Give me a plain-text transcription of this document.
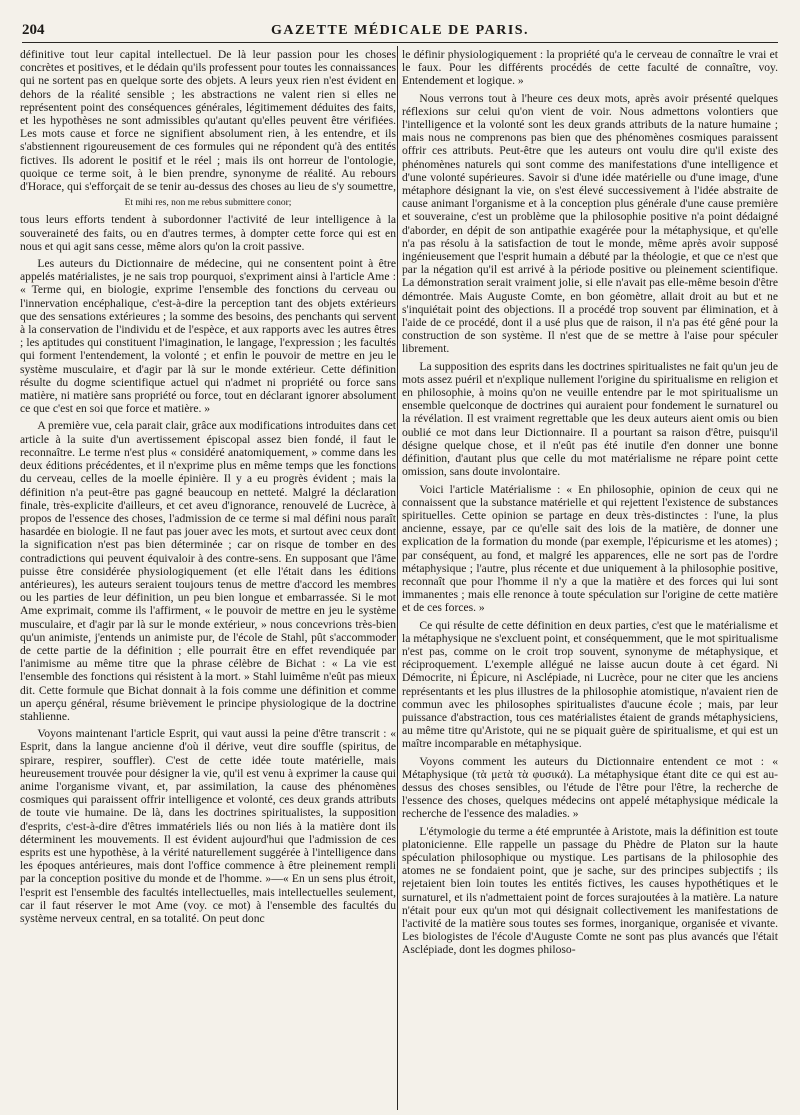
204	GAZETTE MÉDICALE DE PARIS.

définitive tout leur capital intellectuel. De là leur passion pour les choses concrètes et positives, et le dédain qu'ils professent pour toutes les connaissances qui ne sortent pas en quelque sorte des objets. A leurs yeux rien n'est évident en dehors de la réalité sensible ; les abstractions ne valent rien si elles ne représentent point des conséquences générales, légitimement déduites des faits, et les hypothèses ne sont admissibles qu'autant qu'elles peuvent être vérifiées. Les mots cause et force ne signifient absolument rien, à les entendre, et ils s'abstiennent rigoureusement de ces formules qui ne répondent qu'à des entités fictives. Ils adorent le positif et le réel ; mais ils ont horreur de l'ontologie, quoique ce terme soit, à le bien prendre, synonyme de réalité. Au rebours d'Horace, qui s'efforçait de se tenir au-dessus des choses au lieu de s'y soumettre,

Et mihi res, non me rebus submittere conor;

tous leurs efforts tendent à subordonner l'activité de leur intelligence à la souveraineté des faits, ou en d'autres termes, à dompter cette force qui est en nous et qui agit sans cesse, même alors qu'on la croit passive.

Les auteurs du Dictionnaire de médecine, qui ne consentent point à être appelés matérialistes, je ne sais trop pourquoi, s'expriment ainsi à l'article Ame : « Terme qui, en biologie, exprime l'ensemble des fonctions du cerveau ou l'innervation encéphalique, c'est-à-dire la perception tant des objets extérieurs que des sensations extérieures ; la somme des besoins, des penchants qui servent à la conservation de l'individu et de l'espèce, et aux rapports avec les autres êtres ; les aptitudes qui constituent l'imagination, le langage, l'expression ; les facultés qui forment l'entendement, la volonté ; et enfin le pouvoir de mettre en jeu le système musculaire, et d'agir par là sur le monde extérieur. Cette définition résulte du dogme scientifique actuel qui n'admet ni propriété ou force sans matière, ni matière sans propriété ou force, tout en déclarant ignorer absolument ce que c'est en soi que force et matière. »

A première vue, cela parait clair, grâce aux modifications introduites dans cet article à la suite d'un avertissement épiscopal assez bien fondé, il faut le reconnaître. Le terme n'est plus « considéré anatomiquement, » comme dans les deux éditions précédentes, et il n'exprime plus en même temps que les fonctions du cerveau, celles de la moelle épinière. Il y a eu progrès évident ; mais la définition n'a peut-être pas gagné beaucoup en netteté. Malgré la déclaration finale, très-explicite d'ailleurs, et cet aveu d'ignorance, renouvelé de Lucrèce, à propos de l'essence des choses, l'admission de ce terme si mal défini nous paraît hasardée en biologie. Il ne faut pas jouer avec les mots, et surtout avec ceux dont la signification n'est pas bien déterminée ; car on risque de tomber en des contradictions qui peuvent équivaloir à des contre-sens. En supposant que l'âme puisse être considérée physiologiquement (et elle l'était dans les éditions antérieures), les auteurs seraient toujours tenus de mettre d'accord les membres ou les parties de leur définition, un peu bien longue et embarrassée. Si le mot Ame exprimait, comme ils l'affirment, « le pouvoir de mettre en jeu le système musculaire, et d'agir par là sur le monde extérieur, » nous concevrions très-bien qu'un animiste, j'entends un animiste pur, de l'école de Stahl, pût s'accommoder de cette partie de la définition ; elle pourrait être en effet revendiquée par l'animisme au même titre que la phrase célèbre de Bichat : « La vie est l'ensemble des fonctions qui résistent à la mort. » Stahl luimême n'eût pas mieux dit. Cette formule que Bichat donnait à la fois comme une définition et comme un aperçu général, résume brièvement le principe physiologique de la doctrine stahlienne.

Voyons maintenant l'article Esprit, qui vaut aussi la peine d'être transcrit : « Esprit, dans la langue ancienne d'où il dérive, veut dire souffle (spiritus, de spirare, respirer, souffler). C'est de cette idée toute matérielle, mais heureusement trouvée pour désigner la vie, qu'il est venu à exprimer la cause qui anime l'organisme vivant, et, par assimilation, la cause des phénomènes cosmiques qui paraissent offrir intelligence et volonté, ces deux grands attributs de toute vie humaine. De là, dans les doctrines spiritualistes, la supposition d'esprits, c'est-à-dire d'êtres immatériels liés ou non liés à la matière dont ils déterminent les mouvements. Il est évident aujourd'hui que l'admission de ces esprits est une hypothèse, à la vérité naturellement suggérée à l'intelligence dans les époques antérieures, mais dont l'office commence à être pleinement rempli par la conception positive du monde et de l'homme. »—« En un sens plus étroit, l'esprit est l'ensemble des facultés intellectuelles, mais intellectuelles seulement, car il faut réserver le mot Ame (voy. ce mot) à l'ensemble des facultés du système nerveux central, en sa totalité. On peut donc

le définir physiologiquement : la propriété qu'a le cerveau de connaître le vrai et le faux. Pour les différents procédés de cette faculté de connaître, voy. Entendement et logique. »

Nous verrons tout à l'heure ces deux mots, après avoir présenté quelques réflexions sur celui qu'on vient de voir. Nous admettons volontiers que l'intelligence et la volonté sont les deux grands attributs de la nature humaine ; mais nous ne comprenons pas bien que des phénomènes cosmiques paraissent offrir ces attributs. Peut-être que les auteurs ont voulu dire qu'il existe des phénomènes naturels qui sont comme des manifestations d'une intelligence et d'une volonté supérieures. Savoir si d'une idée matérielle ou d'une image, d'une métaphore désignant la vie, on s'est élevé successivement à l'idée abstraite de cause animant l'organisme et à la conception plus générale d'une cause première et souveraine, c'est un problème que la philosophie positive n'a point dédaigné d'aborder, en dépit de son antipathie exagérée pour la métaphysique, et qu'elle n'a pas résolu à la satisfaction de tout le monde, même après avoir supposé ingénieusement que l'esprit humain a débuté par la théologie, et que ce n'est que par la négation qu'il est arrivé à la période positive ou pleinement scientifique. La démonstration serait vraiment jolie, si elle n'avait pas elle-même besoin d'être démontrée. Mais Auguste Comte, en bon géomètre, allait droit au but et ne s'inquiétait point des objections. Il a procédé trop souvent par élimination, et à l'aide de ce procédé, dont il a usé plus que de raison, il n'a pas été gêné pour la construction de son système. Il n'est que de se mettre à l'aise pour spéculer librement.

La supposition des esprits dans les doctrines spiritualistes ne fait qu'un jeu de mots assez puéril et n'explique nullement l'origine du spiritualisme en religion et en philosophie, à moins qu'on ne veuille entendre par le mot spiritualisme un ensemble quelconque de doctrines qui auraient pour fondement le surnaturel ou la révélation. Il est vraiment regrettable que les deux auteurs aient omis ou bien oublié ce mot dans leur Dictionnaire. Il a pourtant sa raison d'être, puisqu'il désigne quelque chose, et il n'eût pas été inutile d'en donner une bonne définition, d'autant plus que celle du mot matérialisme ne répare point cette omission, sans doute involontaire.

Voici l'article Matérialisme : « En philosophie, opinion de ceux qui ne connaissent que la substance matérielle et qui rejettent l'existence de substances spirituelles. Cette opinion se partage en deux très-distinctes : l'une, la plus ancienne, essaye, par ce qu'elle sait des lois de la matière, de donner une explication de la formation du monde (par exemple, l'épicurisme et les atomes) ; par conséquent, au fond, et malgré les apparences, elle ne sort pas de l'ordre métaphysique ; l'autre, plus récente et due uniquement à la philosophie positive, reconnaît que pour l'homme il n'y a que la matière et des forces qui lui sont immanentes ; mais elle renonce à toute spéculation sur l'origine de cette matière et de ces forces. »

Ce qui résulte de cette définition en deux parties, c'est que le matérialisme et la métaphysique ne s'excluent point, et conséquemment, que le mot spiritualisme n'est pas, comme on le croit trop souvent, synonyme de métaphysique, et réciproquement. L'exemple allégué ne laisse aucun doute à cet égard. Ni Démocrite, ni Épicure, ni Asclépiade, ni Lucrèce, pour ne citer que les anciens représentants et les plus illustres de la philosophie atomistique, n'avaient rien de commun avec les philosophes spiritualistes d'aucune école ; mais, par leur puissance d'abstraction, tous ces matérialistes étaient de grands métaphysiciens, au même titre qu'Aristote, qui ne se piquait guère de spiritualisme, et qui est un maître incomparable en métaphysique.

Voyons comment les auteurs du Dictionnaire entendent ce mot : « Métaphysique (τὰ μετὰ τὰ φυσικά). La métaphysique étant dite ce qui est au-dessus des choses sensibles, ou l'étude de l'être pour l'être, la recherche de l'essence des choses, quelques médecins ont appelé métaphysique médicale la recherche de l'essence des maladies. »

L'étymologie du terme a été empruntée à Aristote, mais la définition est toute platonicienne. Elle rappelle un passage du Phèdre de Platon sur la haute spéculation philosophique ou mystique. Les partisans de la philosophie des atomes ne se fondaient point, que je sache, sur des principes subjectifs ; ils rejetaient bien loin toutes les entités fictives, les causes hypothétiques et le surnaturel, et ils n'admettaient point de forces surajoutées à la matière. La nature n'était pour eux qu'un mot qui désignait collectivement les manifestations de l'activité de la matière sous toutes ses formes, inorganique, organisée et vivante. Les biologistes de l'école d'Auguste Comte ne sont pas plus avancés que l'était Asclépiade, dont les dogmes philoso-
